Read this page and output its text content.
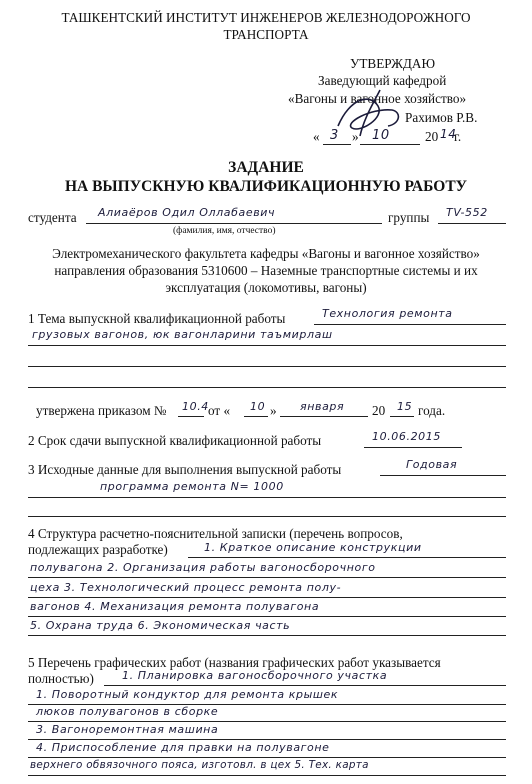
ТАШКЕНТСКИЙ ИНСТИТУТ ИНЖЕНЕРОВ ЖЕЛЕЗНОДОРОЖНОГО
ТРАНСПОРТА
УТВЕРЖДАЮ
Заведующий кафедрой
«Вагоны и вагонное хозяйство»
Рахимов Р.В.
« 3 » 10	20 14
г.
ЗАДАНИЕ
НА ВЫПУСКНУЮ КВАЛИФИКАЦИОННУЮ РАБОТУ
студента Алиаёров Одил Оллабаевич	группы ТV-552
(фамилия, имя, отчество)
Электромеханического факультета кафедры «Вагоны и вагонное хозяйство»
направления образования 5310600 – Наземные транспортные системы и их
эксплуатация (локомотивы, вагоны)
1 Тема выпускной квалификационной работы	Технология ремонта
грузовых вагонов, юк вагонларини таъмирлаш
утвержена приказом № 10.4 от « 10 » января 20 15 года.
2 Срок сдачи выпускной квалификационной работы	10.06.2015
3 Исходные данные для выполнения выпускной работы	Годовая
программа ремонта N= 1000
4 Структура расчетно-пояснительной записки (перечень вопросов,
подлежащих разработке)	1. Краткое описание конструкции
полувагона 2. Организация работы вагоносборочного
цеха 3. Технологический процесс ремонта полу-
вагонов 4. Механизация ремонта полувагона
5. Охрана труда 6. Экономическая часть
5 Перечень графических работ (названия графических работ указывается
полностью)	1. Планировка вагоносборочного участка
1. Поворотный кондуктор для ремонта крышек
люков полувагонов в сборке
3. Вагоноремонтная машина
4. Приспособление для правки на полувагоне
верхнего обвязочного пояса, изготовл. в цех 5. Тех. карта
